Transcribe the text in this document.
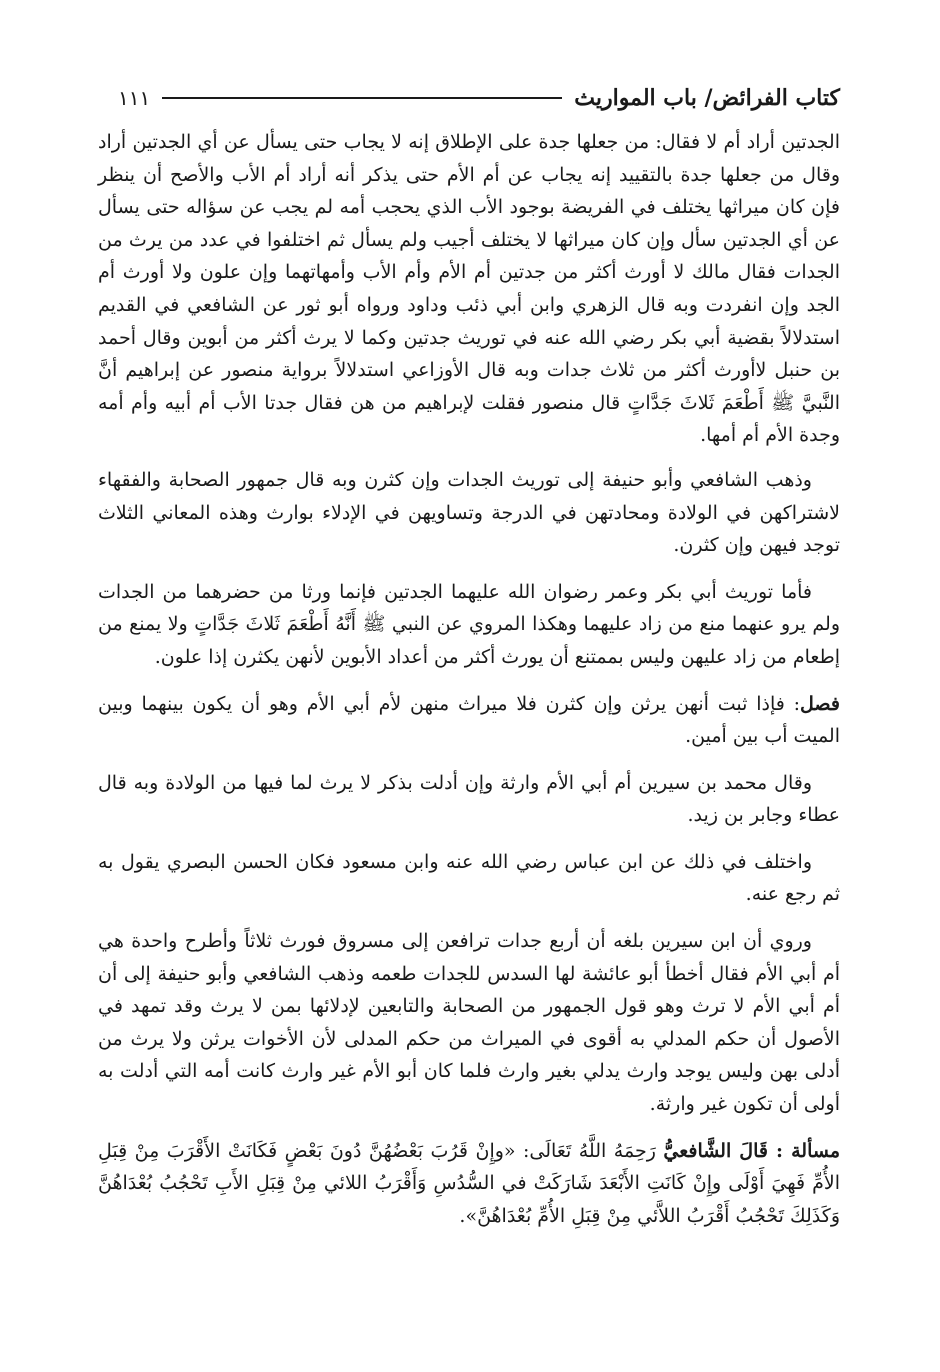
كتاب الفرائض/ باب المواريث
١١١

الجدتين أراد أم لا فقال: من جعلها جدة على الإطلاق إنه لا يجاب حتى يسأل عن أي الجدتين أراد وقال من جعلها جدة بالتقييد إنه يجاب عن أم الأم حتى يذكر أنه أراد أم الأب والأصح أن ينظر فإن كان ميراثها يختلف في الفريضة بوجود الأب الذي يحجب أمه لم يجب عن سؤاله حتى يسأل عن أي الجدتين سأل وإن كان ميراثها لا يختلف أجيب ولم يسأل ثم اختلفوا في عدد من يرث من الجدات فقال مالك لا أورث أكثر من جدتين أم الأم وأم الأب وأمهاتهما وإن علون ولا أورث أم الجد وإن انفردت وبه قال الزهري وابن أبي ذئب وداود ورواه أبو ثور عن الشافعي في القديم استدلالاً بقضية أبي بكر رضي الله عنه في توريث جدتين وكما لا يرث أكثر من أبوين وقال أحمد بن حنبل لاأورث أكثر من ثلاث جدات وبه قال الأوزاعي استدلالاً برواية منصور عن إبراهيم أنَّ النَّبيَّ ﷺ أَطْعَمَ ثَلاثَ جَدَّاتٍ قال منصور فقلت لإبراهيم من هن فقال جدتا الأب أم أبيه وأم أمه وجدة الأم أم أمها.

وذهب الشافعي وأبو حنيفة إلى توريث الجدات وإن كثرن وبه قال جمهور الصحابة والفقهاء لاشتراكهن في الولادة ومحادتهن في الدرجة وتساويهن في الإدلاء بوارث وهذه المعاني الثلاث توجد فيهن وإن كثرن.

فأما توريث أبي بكر وعمر رضوان الله عليهما الجدتين فإنما ورثا من حضرهما من الجدات ولم يرو عنهما منع من زاد عليهما وهكذا المروي عن النبي ﷺ أَنَّهُ أَطْعَمَ ثَلاثَ جَدَّاتٍ ولا يمنع من إطعام من زاد عليهن وليس بممتنع أن يورث أكثر من أعداد الأبوين لأنهن يكثرن إذا علون.

فصل: فإذا ثبت أنهن يرثن وإن كثرن فلا ميراث منهن لأم أبي الأم وهو أن يكون بينهما وبين الميت أب بين أمين.

وقال محمد بن سيرين أم أبي الأم وارثة وإن أدلت بذكر لا يرث لما فيها من الولادة وبه قال عطاء وجابر بن زيد.

واختلف في ذلك عن ابن عباس رضي الله عنه وابن مسعود فكان الحسن البصري يقول به ثم رجع عنه.

وروي أن ابن سيرين بلغه أن أربع جدات ترافعن إلى مسروق فورث ثلاثاً وأطرح واحدة هي أم أبي الأم فقال أخطأ أبو عائشة لها السدس للجدات طعمه وذهب الشافعي وأبو حنيفة إلى أن أم أبي الأم لا ترث وهو قول الجمهور من الصحابة والتابعين لإدلائها بمن لا يرث وقد تمهد في الأصول أن حكم المدلي به أقوى في الميراث من حكم المدلى لأن الأخوات يرثن ولا يرث من أدلى بهن وليس يوجد وارث يدلي بغير وارث فلما كان أبو الأم غير وارث كانت أمه التي أدلت به أولى أن تكون غير وارثة.

مسألة : قَالَ الشَّافعيُّ رَحِمَهُ اللَّهُ تَعَالَى: «وإِنْ قَرُبَ بَعْضُهُنَّ دُونَ بَعْضٍ فَكَانَتْ الأَقْرَبَ مِنْ قِبَلِ الأُمِّ فَهِيَ أَوْلَى وإِنْ كَانَتِ الأَبْعَدَ شَارَكَتْ في السُّدُسِ وَأَقْرَبُ اللائي مِنْ قِبَلِ الأَبِ تَحْجُبُ بُعْدَاهُنَّ وَكَذَلِكَ تَحْجُبُ أَقْرَبُ اللاَّئي مِنْ قِبَلِ الأُمِّ بُعْدَاهُنَّ».
